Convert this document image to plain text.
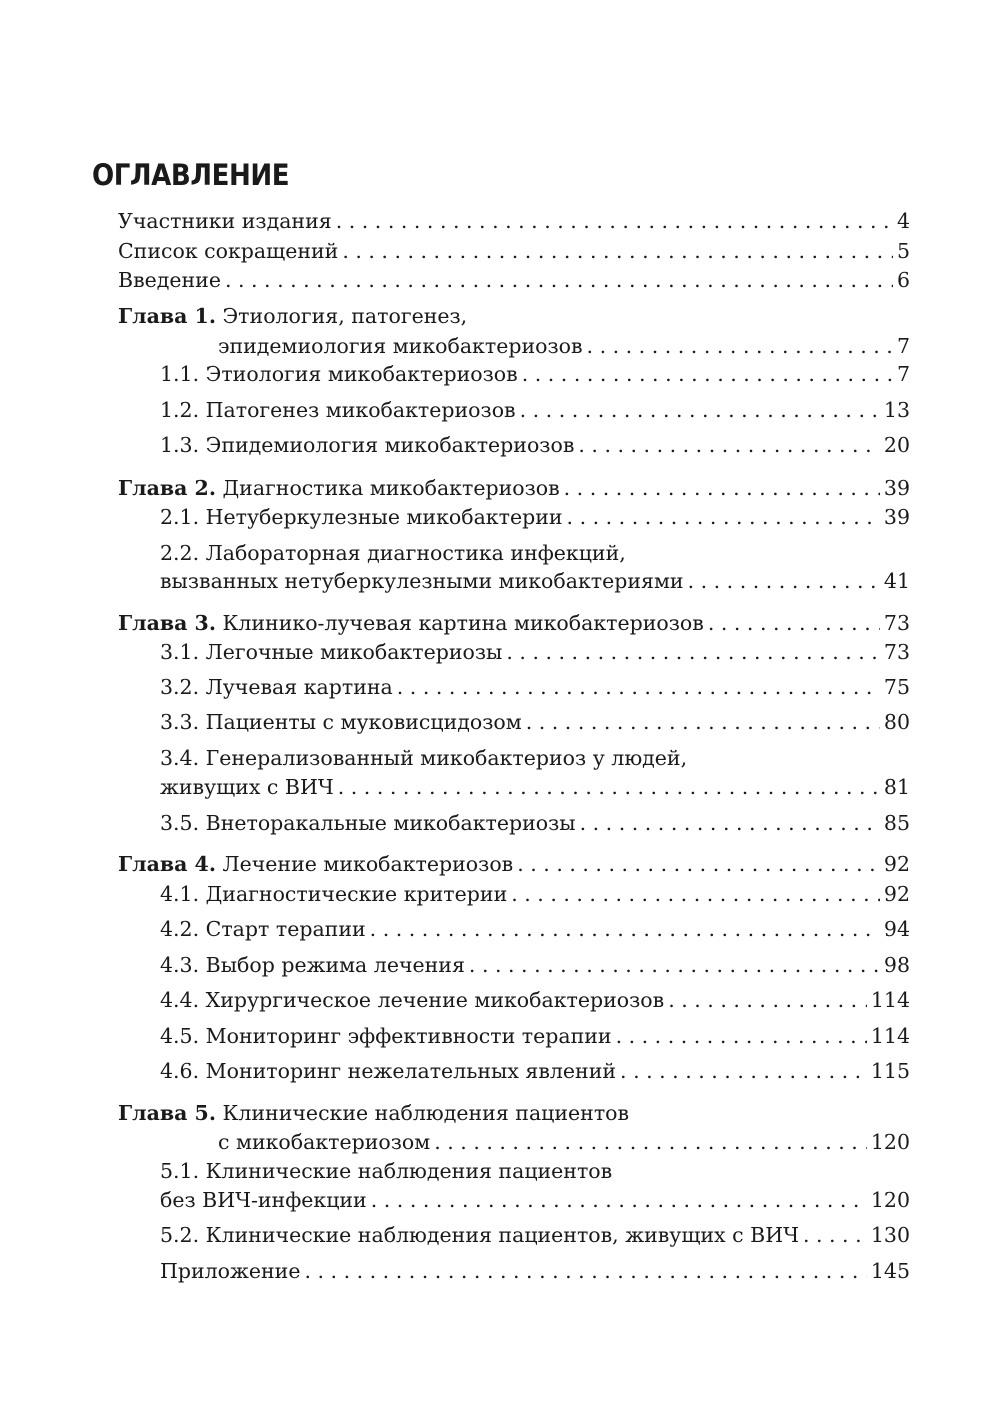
ОГЛАВЛЕНИЕ
Участники издания . . .	4
Список сокращений . . .	5
Введение . . .	6
Глава 1. Этиология, патогенез,
эпидемиология микобактериозов . . .	7
1.1. Этиология микобактериозов . . .	7
1.2. Патогенез микобактериозов . . .	13
1.3. Эпидемиология микобактериозов . . .	20
Глава 2. Диагностика микобактериозов . . .	39
2.1. Нетуберкулезные микобактерии . . .	39
2.2. Лабораторная диагностика инфекций,
вызванных нетуберкулезными микобактериями . . .	41
Глава 3. Клинико-лучевая картина микобактериозов . . .	73
3.1. Легочные микобактериозы . . .	73
3.2. Лучевая картина . . .	75
3.3. Пациенты с муковисцидозом . . .	80
3.4. Генерализованный микобактериоз у людей,
живущих с ВИЧ . . .	81
3.5. Внеторакальные микобактериозы . . .	85
Глава 4. Лечение микобактериозов . . .	92
4.1. Диагностические критерии . . .	92
4.2. Старт терапии . . .	94
4.3. Выбор режима лечения . . .	98
4.4. Хирургическое лечение микобактериозов . . .	114
4.5. Мониторинг эффективности терапии . . .	114
4.6. Мониторинг нежелательных явлений . . .	115
Глава 5. Клинические наблюдения пациентов
с микобактериозом . . .	120
5.1. Клинические наблюдения пациентов
без ВИЧ-инфекции . . .	120
5.2. Клинические наблюдения пациентов, живущих с ВИЧ . . .	130
Приложение . . .	145
